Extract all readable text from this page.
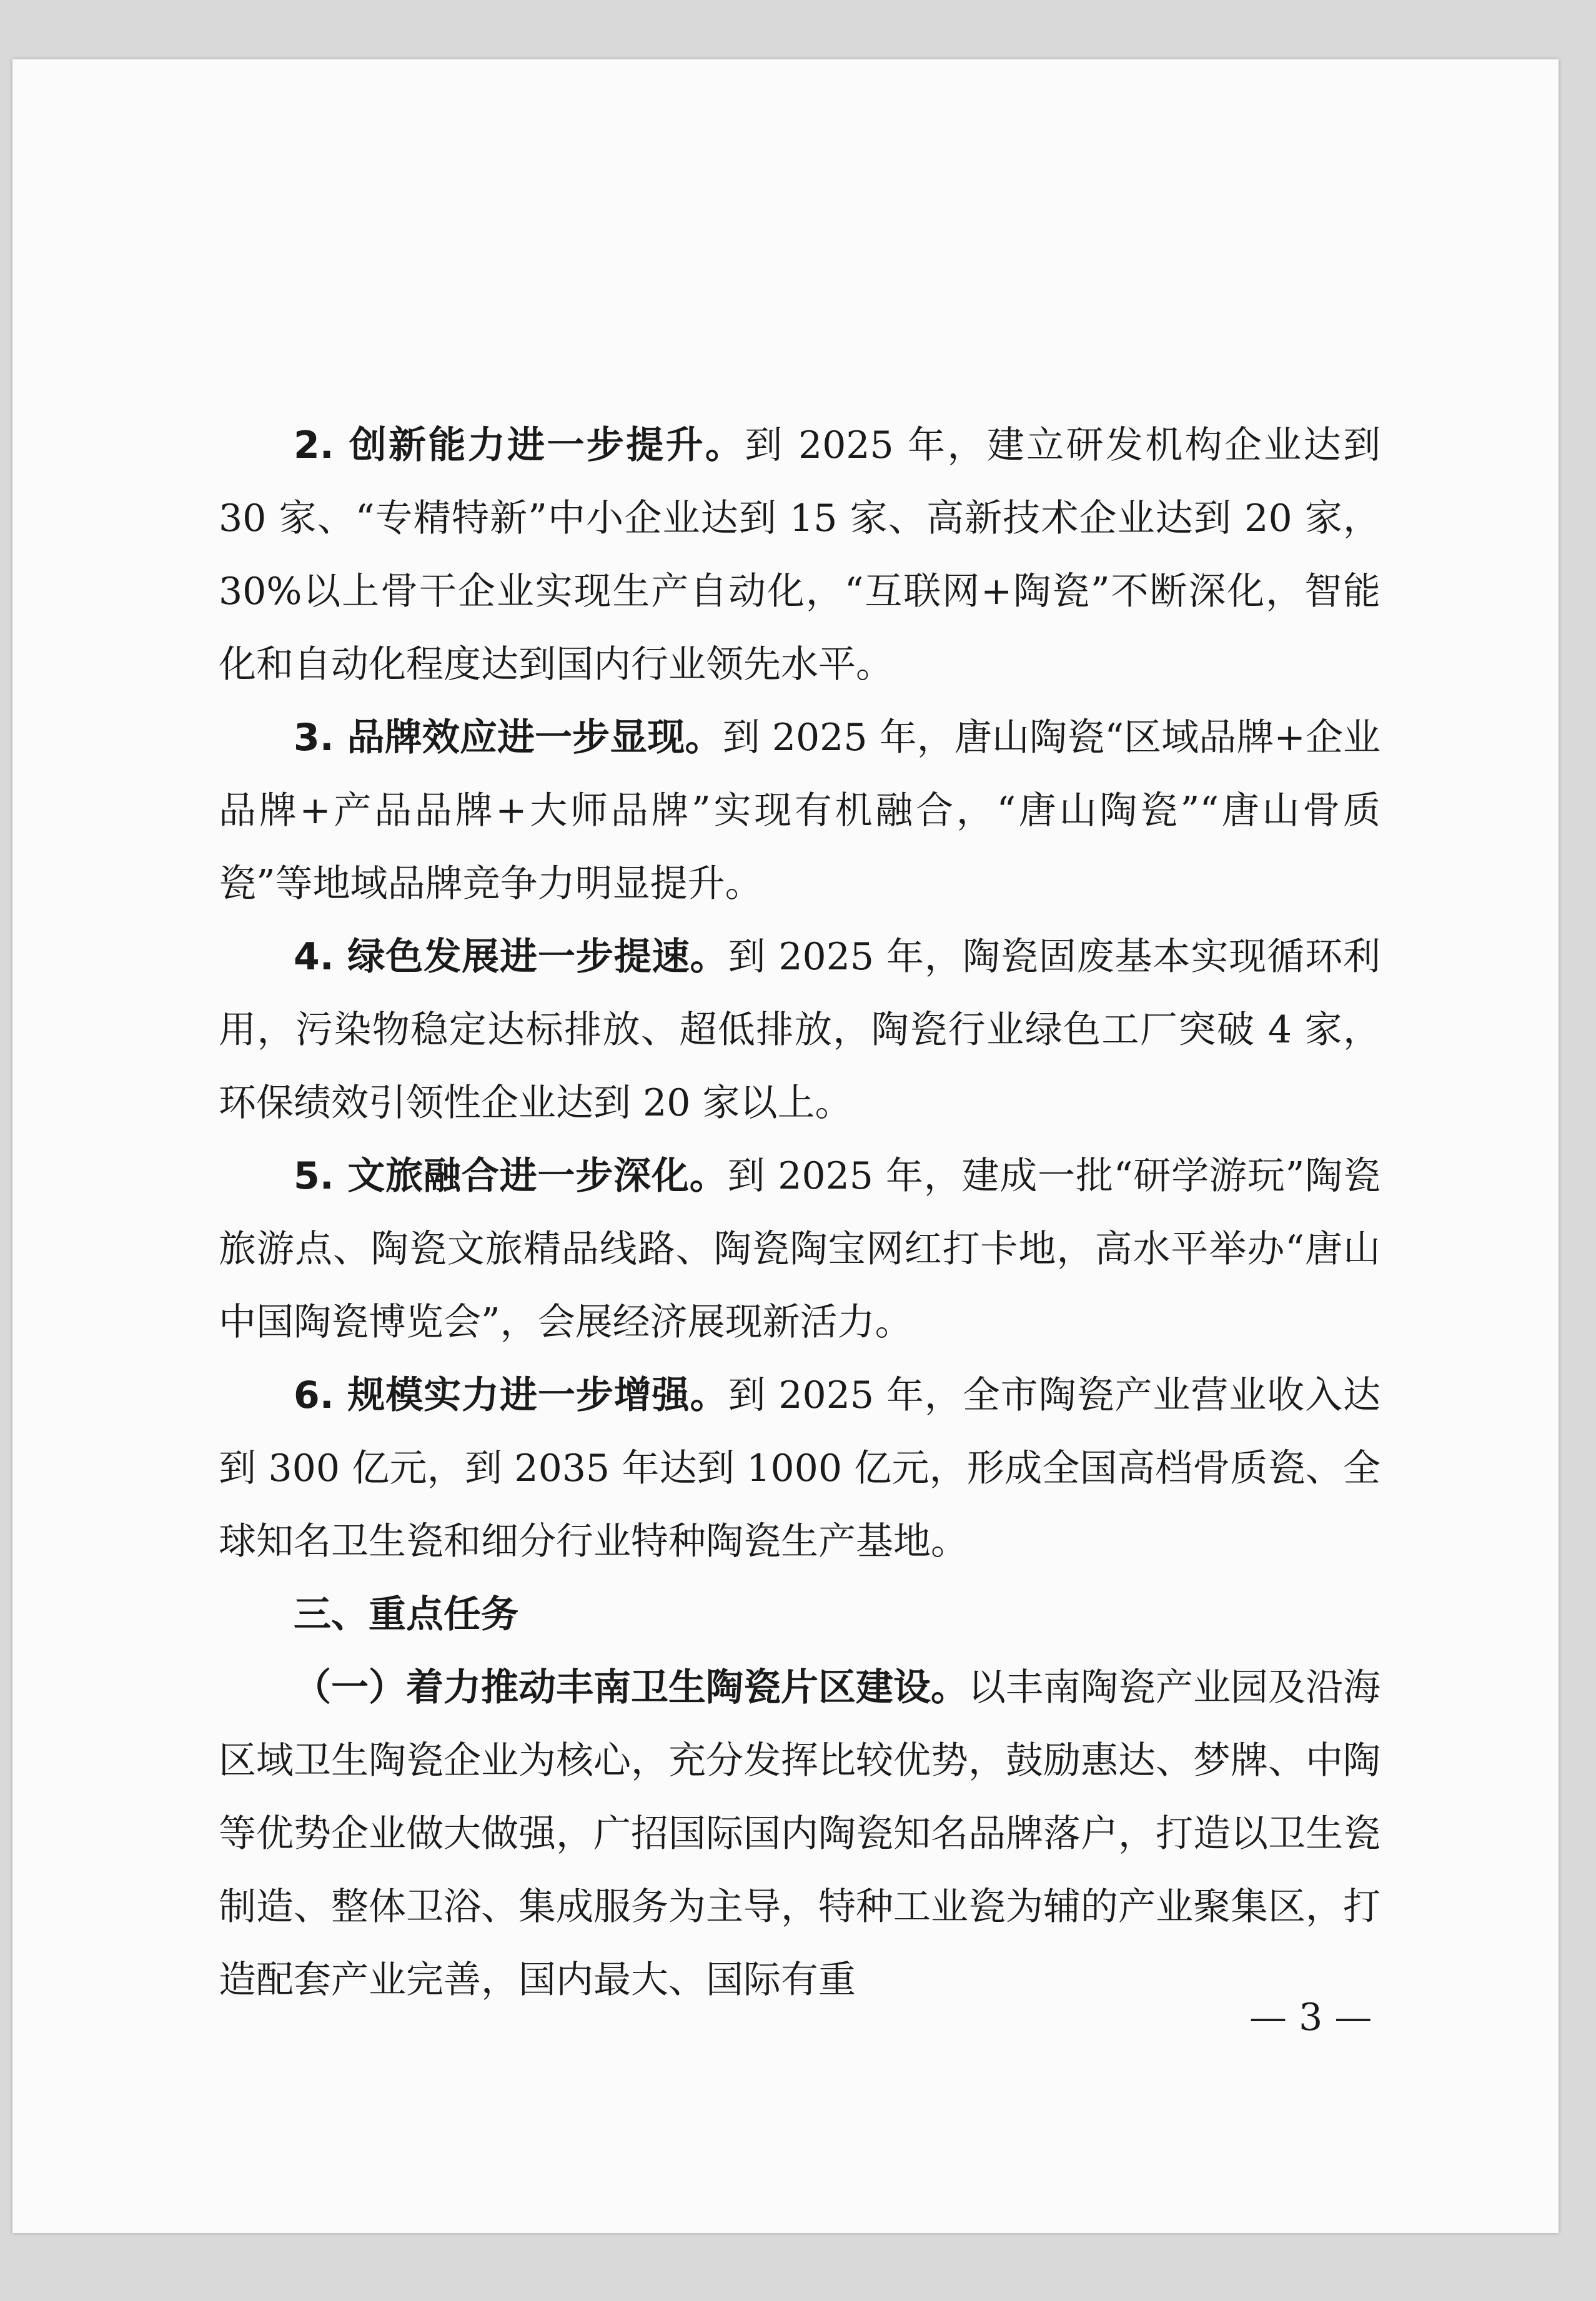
2. 创新能力进一步提升。到 2025 年，建立研发机构企业达到 30 家、“专精特新”中小企业达到 15 家、高新技术企业达到 20 家，30%以上骨干企业实现生产自动化，“互联网+陶瓷”不断深化，智能化和自动化程度达到国内行业领先水平。

3. 品牌效应进一步显现。到 2025 年，唐山陶瓷“区域品牌+企业品牌+产品品牌+大师品牌”实现有机融合，“唐山陶瓷”“唐山骨质瓷”等地域品牌竞争力明显提升。

4. 绿色发展进一步提速。到 2025 年，陶瓷固废基本实现循环利用，污染物稳定达标排放、超低排放，陶瓷行业绿色工厂突破 4 家，环保绩效引领性企业达到 20 家以上。

5. 文旅融合进一步深化。到 2025 年，建成一批“研学游玩”陶瓷旅游点、陶瓷文旅精品线路、陶瓷陶宝网红打卡地，高水平举办“唐山中国陶瓷博览会”，会展经济展现新活力。

6. 规模实力进一步增强。到 2025 年，全市陶瓷产业营业收入达到 300 亿元，到 2035 年达到 1000 亿元，形成全国高档骨质瓷、全球知名卫生瓷和细分行业特种陶瓷生产基地。

三、重点任务

（一）着力推动丰南卫生陶瓷片区建设。以丰南陶瓷产业园及沿海区域卫生陶瓷企业为核心，充分发挥比较优势，鼓励惠达、梦牌、中陶等优势企业做大做强，广招国际国内陶瓷知名品牌落户，打造以卫生瓷制造、整体卫浴、集成服务为主导，特种工业瓷为辅的产业聚集区，打造配套产业完善，国内最大、国际有重

— 3 —
